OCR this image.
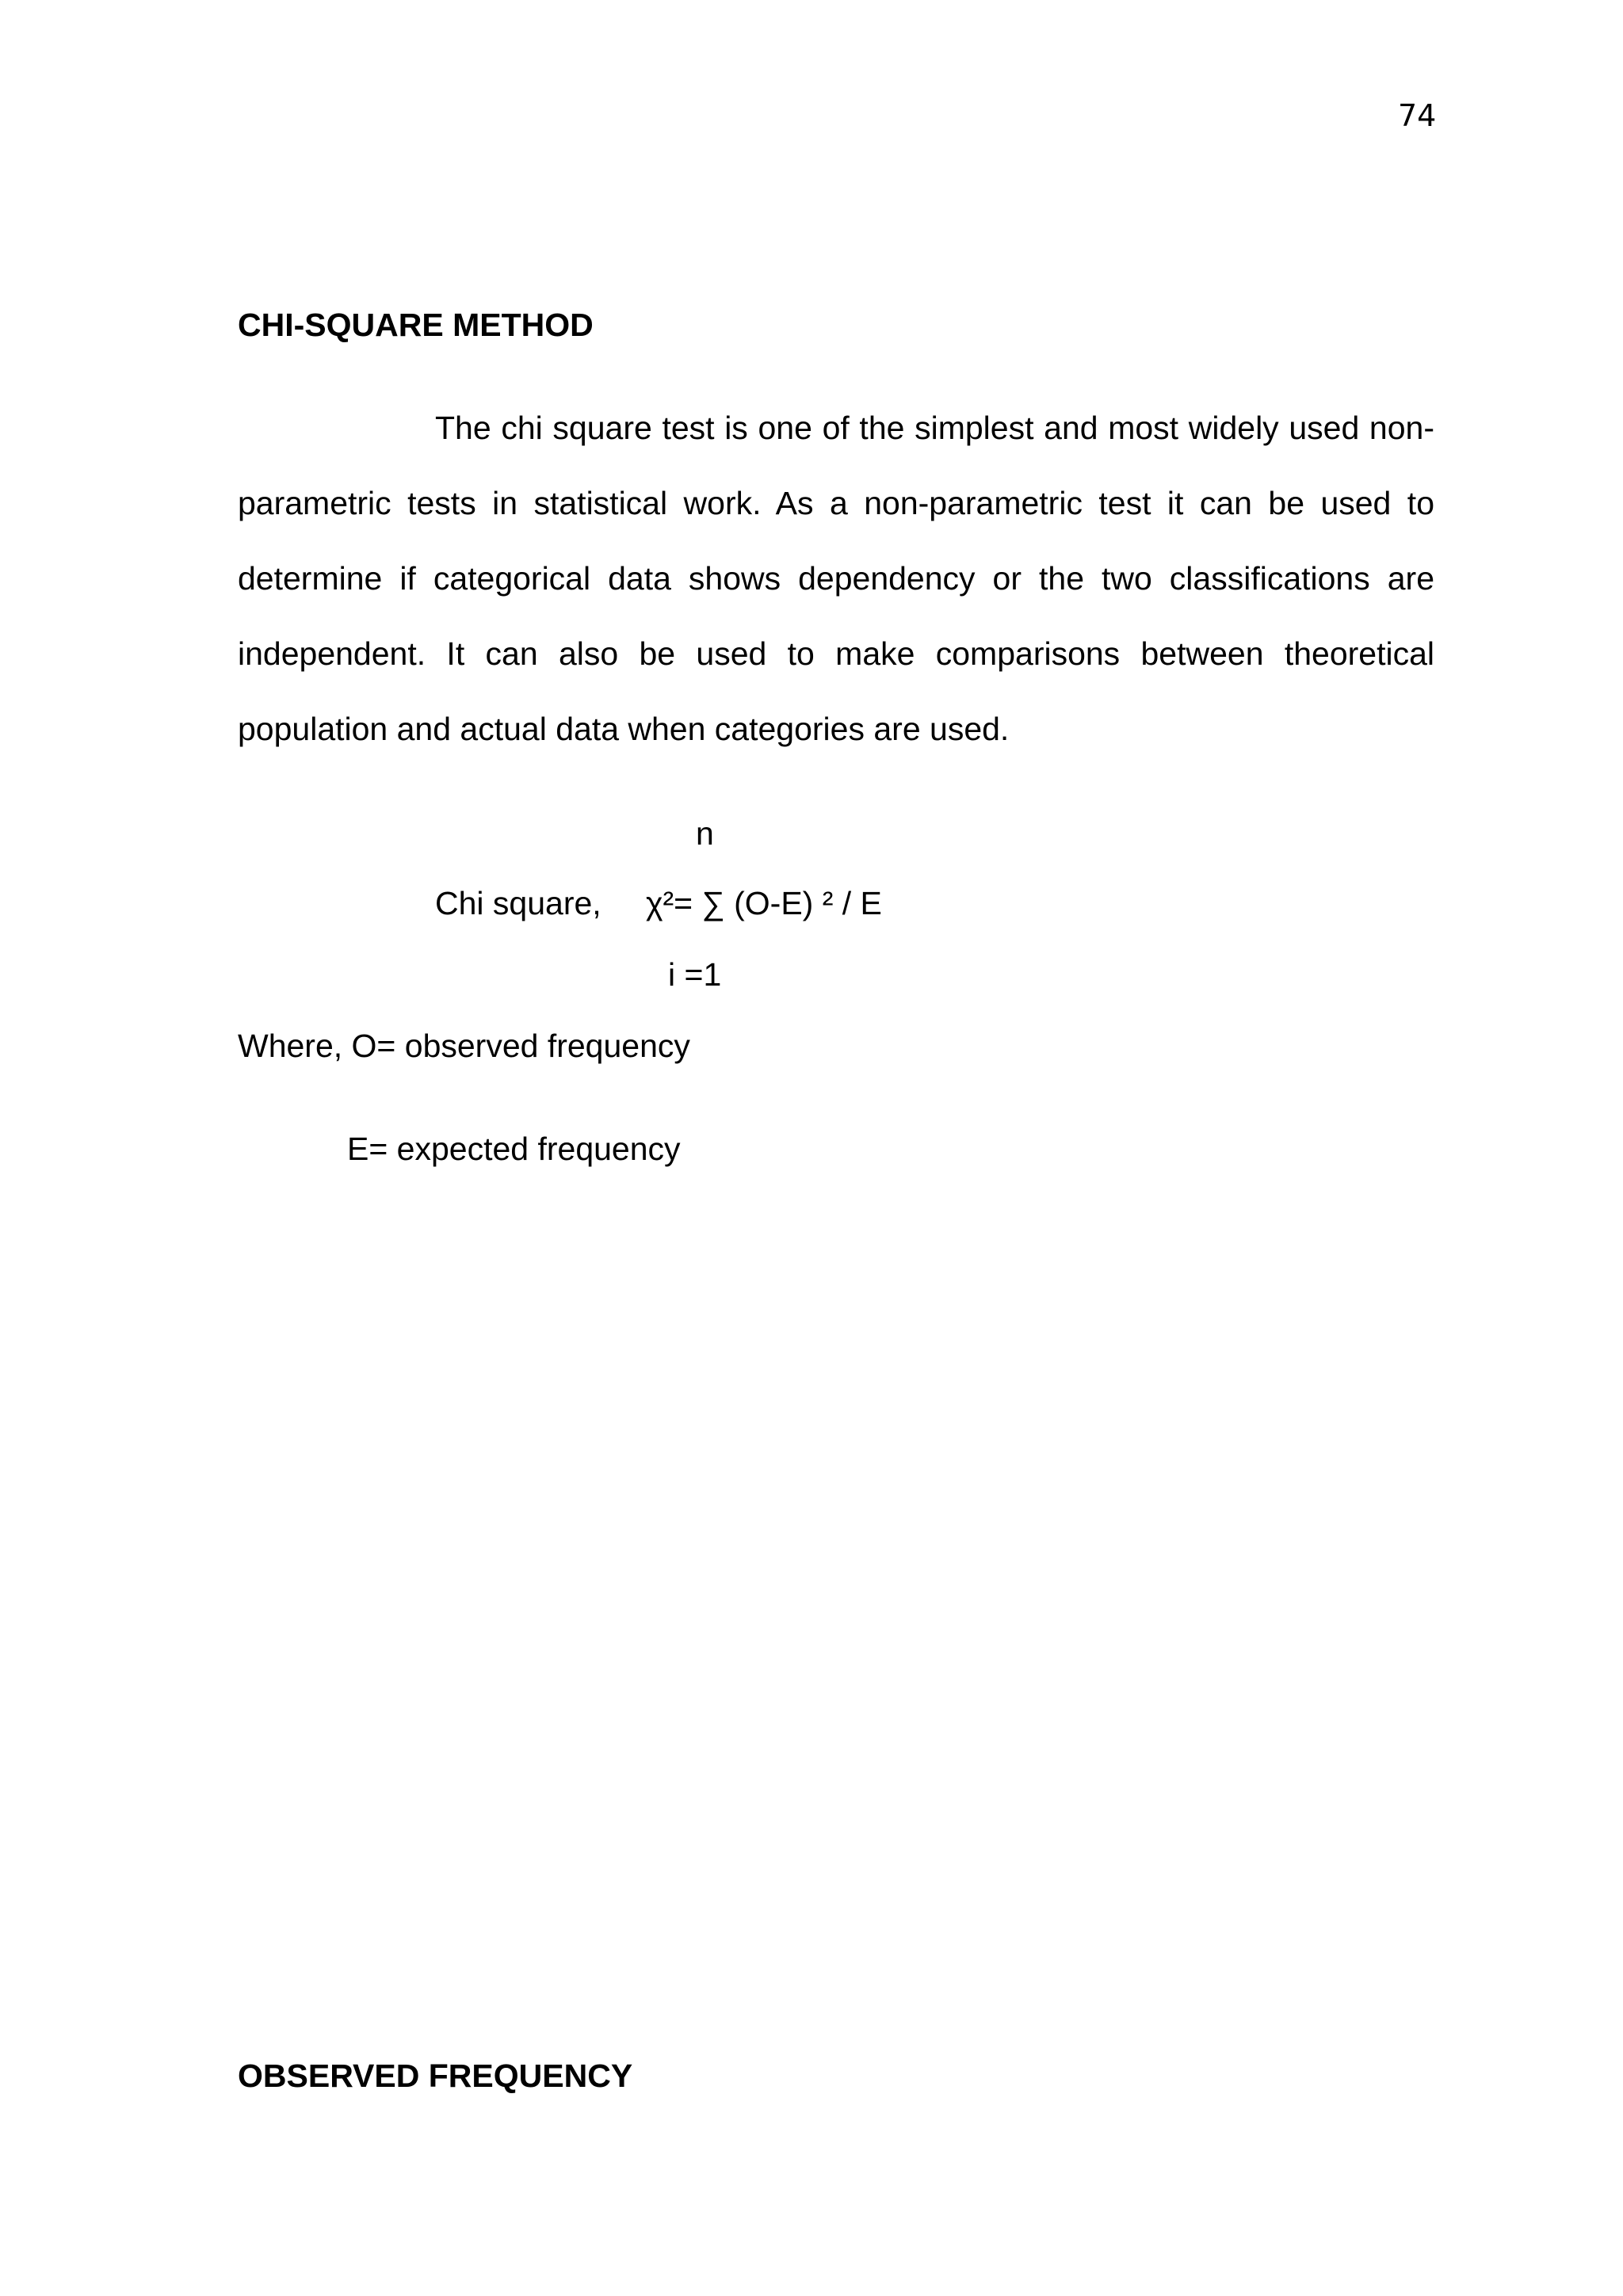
74
CHI-SQUARE METHOD
The chi square test is one of the simplest and most widely used non-
parametric tests in statistical work. As a non-parametric test it can be used to
determine if categorical data shows dependency or the two classifications are
independent. It can also be used to make comparisons between theoretical
population and actual data when categories are used.
n
Chi square, χ²= ∑ (O-E) ² / E
i =1
Where, O= observed frequency
E= expected frequency
OBSERVED FREQUENCY
